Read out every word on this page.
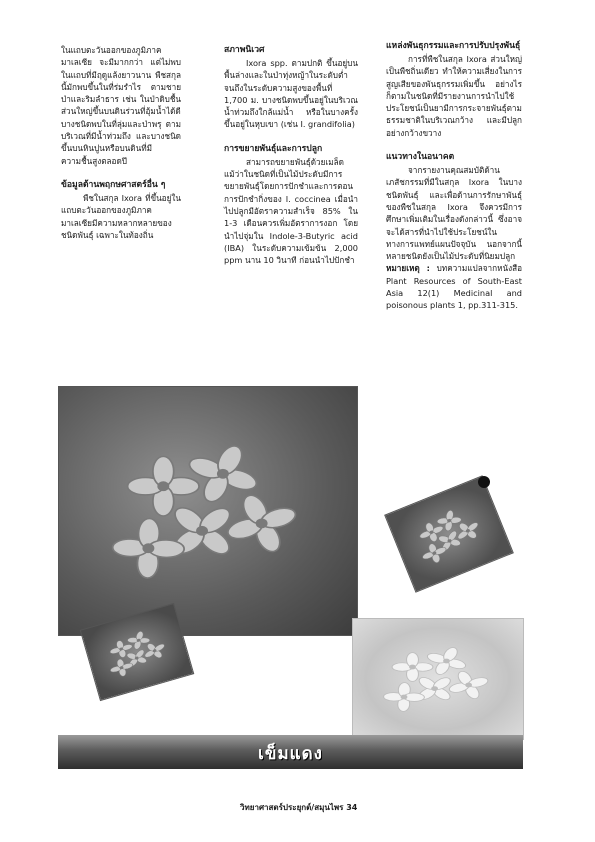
ในแถบตะวันออกของภูมิภาคมาเลเซีย จะมีมากกว่า แต่ไม่พบในแถบที่มีฤดูแล้งยาวนาน พืชสกุลนี้มักพบขึ้นในที่ร่มรำไร ตามชายป่าและริมลำธาร เช่น ในป่าดิบชื้น ส่วนใหญ่ขึ้นบนดินร่วนที่อุ้มน้ำได้ดี บางชนิดพบในที่ลุ่มและป่าพรุ ตามบริเวณที่มีน้ำท่วมถึง และบางชนิดขึ้นบนหินปูนหรือบนดินที่มีความชื้นสูงตลอดปี

ข้อมูลด้านพฤกษศาสตร์อื่น ๆ

พืชในสกุล Ixora ที่ขึ้นอยู่ในแถบตะวันออกของภูมิภาคมาเลเซียมีความหลากหลายของชนิดพันธุ์ เฉพาะในท้องถิ่น

สภาพนิเวศ

Ixora spp. ตามปกติ ขึ้นอยู่บนพื้นล่างและในป่าทุ่งหญ้าในระดับต่ำจนถึงในระดับความสูงของพื้นที่ 1,700 ม. บางชนิดพบขึ้นอยู่ในบริเวณน้ำท่วมถึงใกล้แม่น้ำ หรือในบางครั้งขึ้นอยู่ในหุบเขา (เช่น I. grandifolia)

การขยายพันธุ์และการปลูก

สามารถขยายพันธุ์ด้วยเมล็ดแม้ว่าในชนิดที่เป็นไม้ประดับมีการขยายพันธุ์โดยการปักชำและการตอน การปักชำกิ่งของ I. coccinea เมื่อนำไปปลูกมีอัตราความสำเร็จ 85% ใน 1-3 เดือนควรเพิ่มอัตราการงอก โดยนำไปจุ่มใน Indole-3-Butyric acid (IBA) ในระดับความเข้มข้น 2,000 ppm นาน 10 วินาที ก่อนนำไปปักชำ

แหล่งพันธุกรรมและการปรับปรุงพันธุ์

การที่พืชในสกุล Ixora ส่วนใหญ่เป็นพืชถิ่นเดียว ทำให้ความเสี่ยงในการสูญเสียของพันธุกรรมเพิ่มขึ้น อย่างไรก็ตามในชนิดที่มีรายงานการนำไปใช้ประโยชน์เป็นยามีการกระจายพันธุ์ตามธรรมชาติในบริเวณกว้าง และมีปลูกอย่างกว้างขวาง

แนวทางในอนาคต

จากรายงานคุณสมบัติด้านเภสัชกรรมที่มีในสกุล Ixora ในบางชนิดพันธุ์ และเพื่อด้านการรักษาพันธุ์ของพืชในสกุล Ixora จึงควรมีการศึกษาเพิ่มเติมในเรื่องดังกล่าวนี้ ซึ่งอาจจะได้สารที่นำไปใช้ประโยชน์ในทางการแพทย์แผนปัจจุบัน นอกจากนี้ หลายชนิดยังเป็นไม้ประดับที่นิยมปลูก

หมายเหตุ : บทความแปลจากหนังสือ Plant Resources of South-East Asia 12(1) Medicinal and poisonous plants 1, pp.311-315.

เข็มแดง
วิทยาศาสตร์ประยุกต์/สมุนไพร 34
